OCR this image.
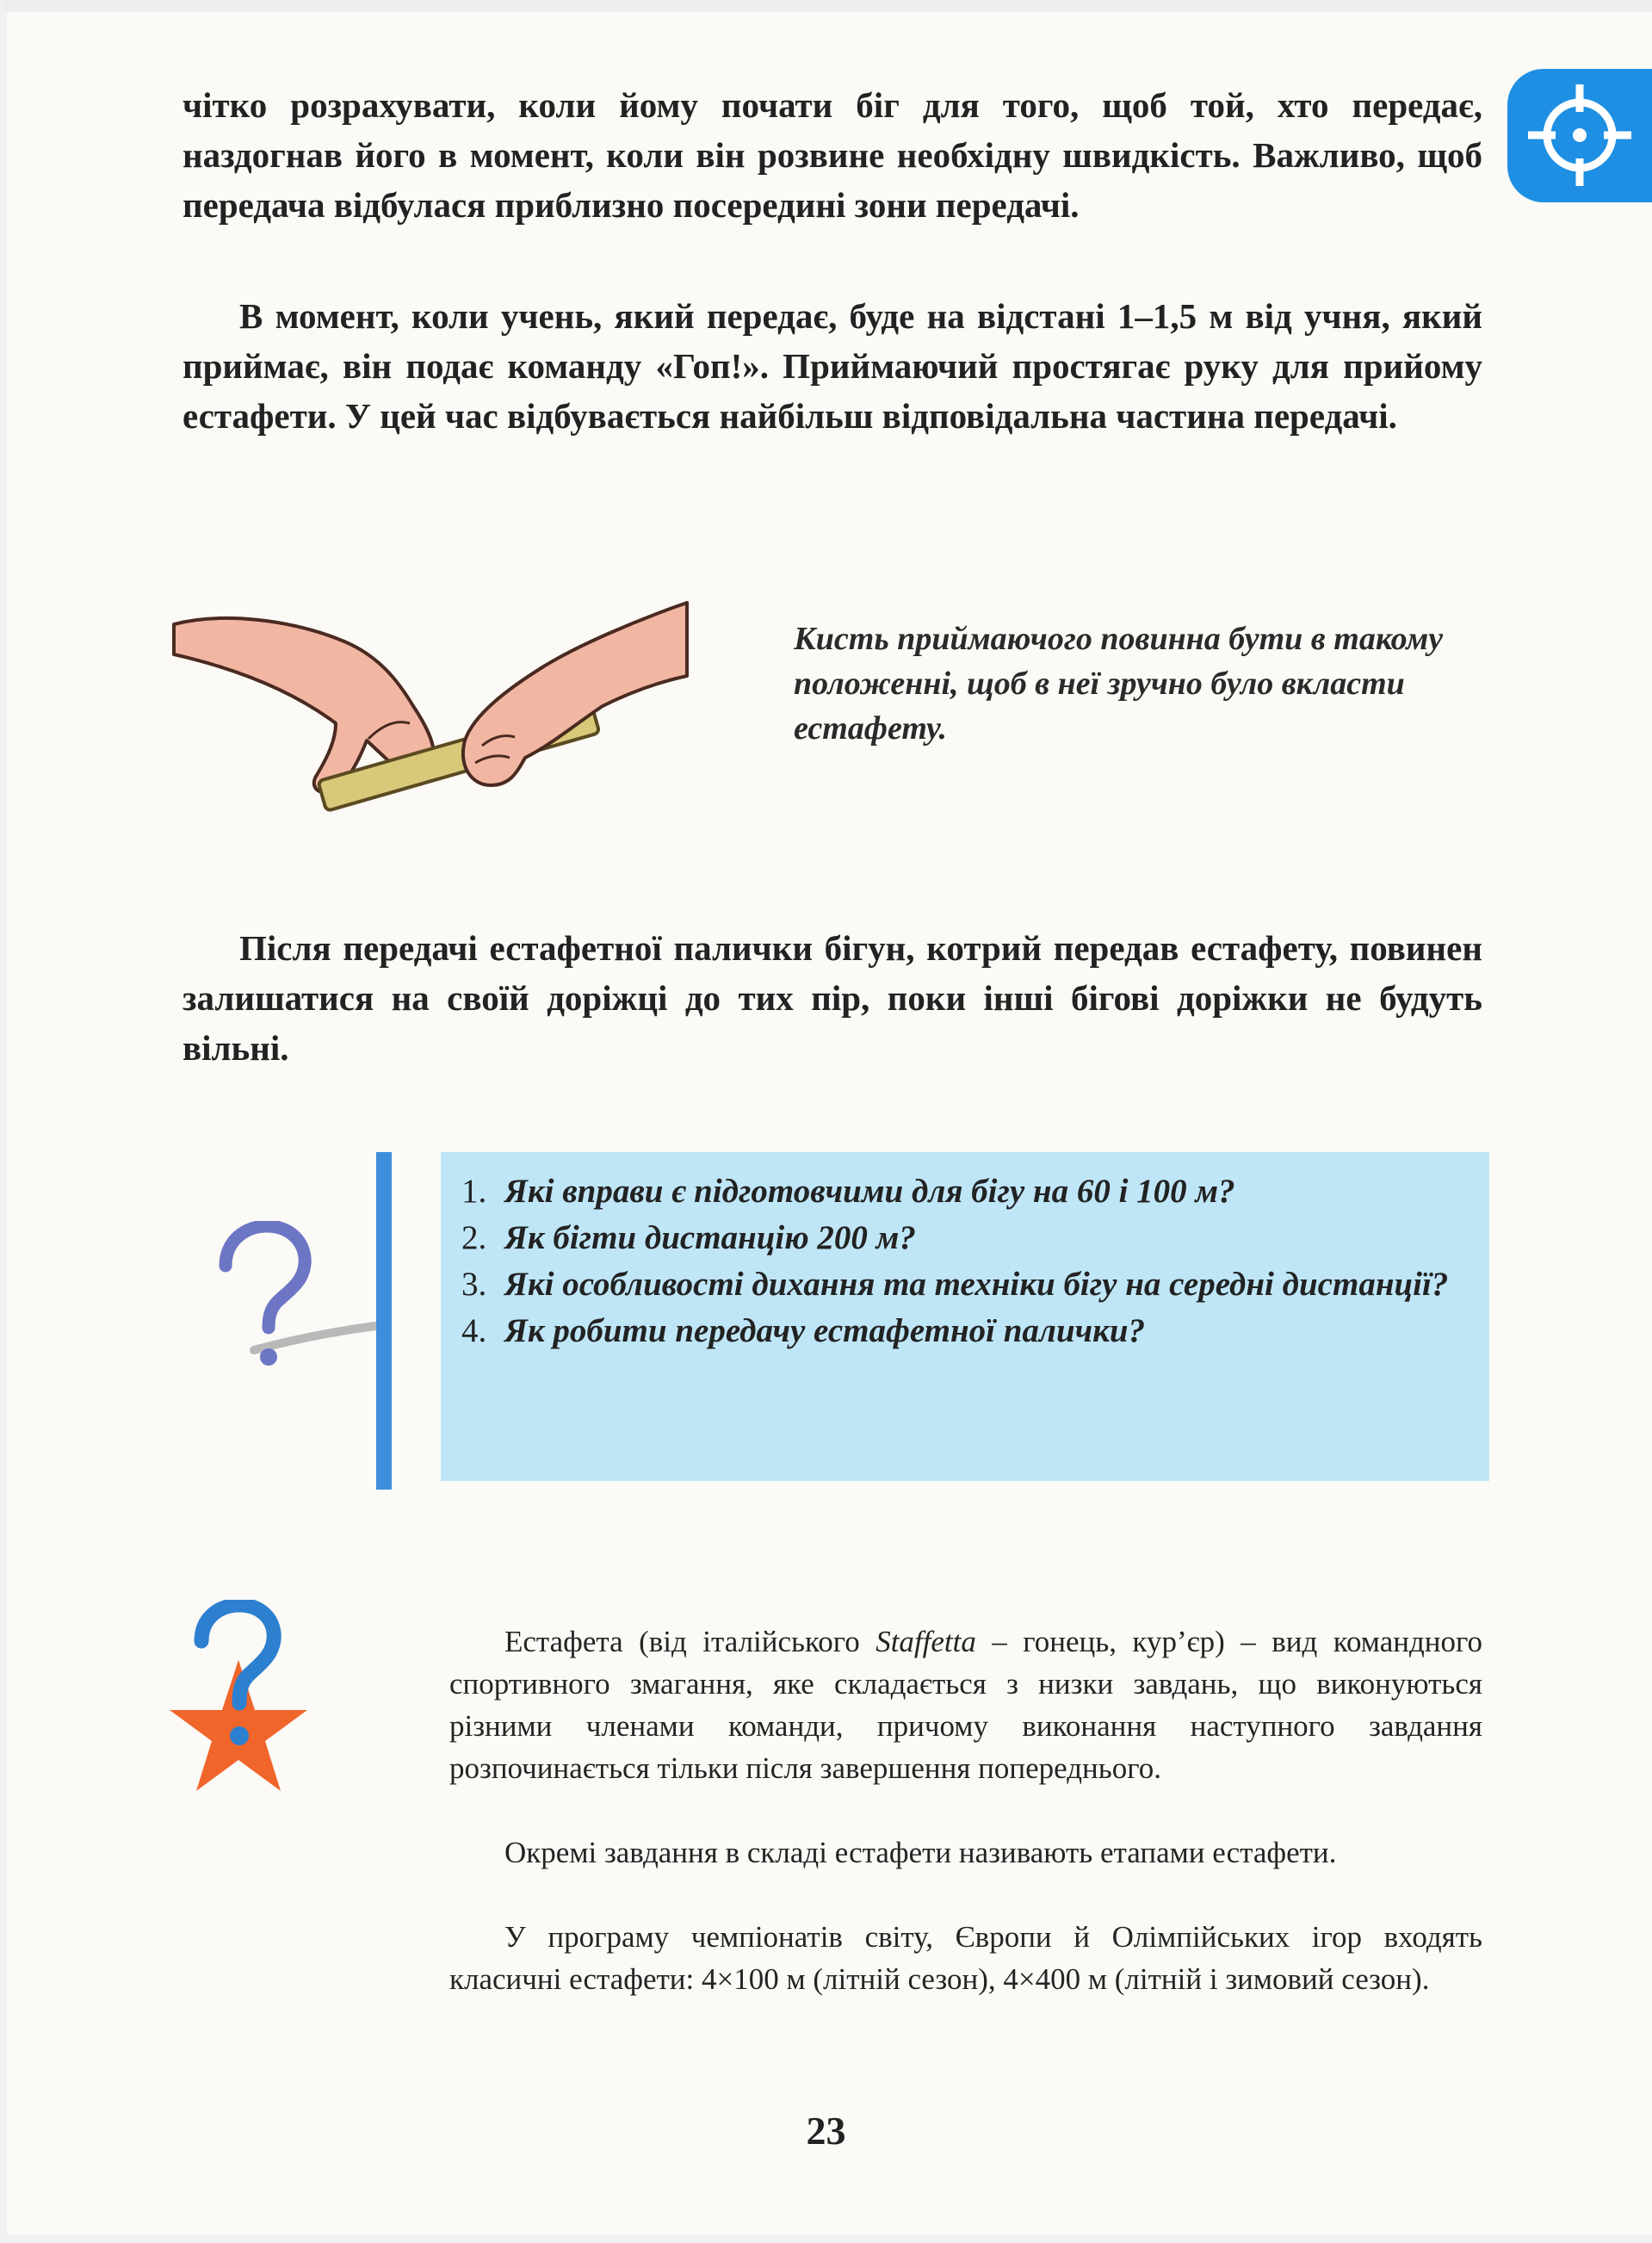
чітко розрахувати, коли йому почати біг для того, щоб той, хто передає, наздогнав його в момент, коли він розвине необхідну швидкість. Важливо, щоб передача відбулася приблизно посередині зони передачі.

В момент, коли учень, який передає, буде на відстані 1–1,5 м від учня, який приймає, він подає команду «Гоп!». Приймаючий простягає руку для прийому естафети. У цей час відбувається найбільш відповідальна частина передачі.

Кисть приймаючого повинна бути в такому положенні, щоб в неї зручно було вкласти естафету.

Після передачі естафетної палички бігун, котрий передав естафету, повинен залишатися на своїй доріжці до тих пір, поки інші бігові доріжки не будуть вільні.

1. Які вправи є підготовчими для бігу на 60 і 100 м?
2. Як бігти дистанцію 200 м?
3. Які особливості дихання та техніки бігу на середні дистанції?
4. Як робити передачу естафетної палички?

Естафета (від італійського Staffetta – гонець, кур’єр) – вид командного спортивного змагання, яке складається з низки завдань, що виконуються різними членами команди, причому виконання наступного завдання розпочинається тільки після завершення попереднього.

Окремі завдання в складі естафети називають етапами естафети.

У програму чемпіонатів світу, Європи й Олімпійських ігор входять класичні естафети: 4×100 м (літній сезон), 4×400 м (літній і зимовий сезон).

23
